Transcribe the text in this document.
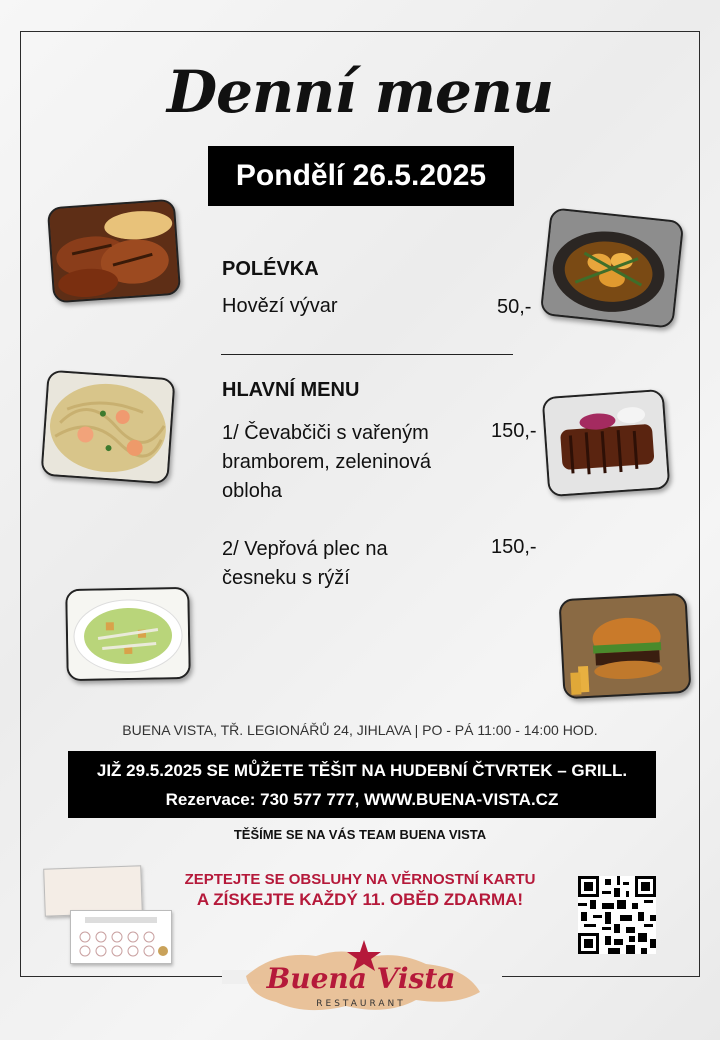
Denní menu
Pondělí 26.5.2025
POLÉVKA
Hovězí vývar	50,-
HLAVNÍ MENU
1/ Čevabčiči s vařeným
bramborem, zeleninová
obloha
150,-
2/ Vepřová plec na
česneku s rýží
150,-
BUENA VISTA, TŘ. LEGIONÁŘŮ 24, JIHLAVA | PO - PÁ 11:00 - 14:00 HOD.
JIŽ 29.5.2025 SE MŮŽETE TĚŠIT NA HUDEBNÍ ČTVRTEK – GRILL.
Rezervace: 730 577 777, WWW.BUENA-VISTA.CZ
TĚŠÍME SE NA VÁS TEAM BUENA VISTA
ZEPTEJTE SE OBSLUHY NA VĚRNOSTNÍ KARTU
A ZÍSKEJTE KAŽDÝ 11. OBĚD ZDARMA!
Buena Vista
RESTAURANT
